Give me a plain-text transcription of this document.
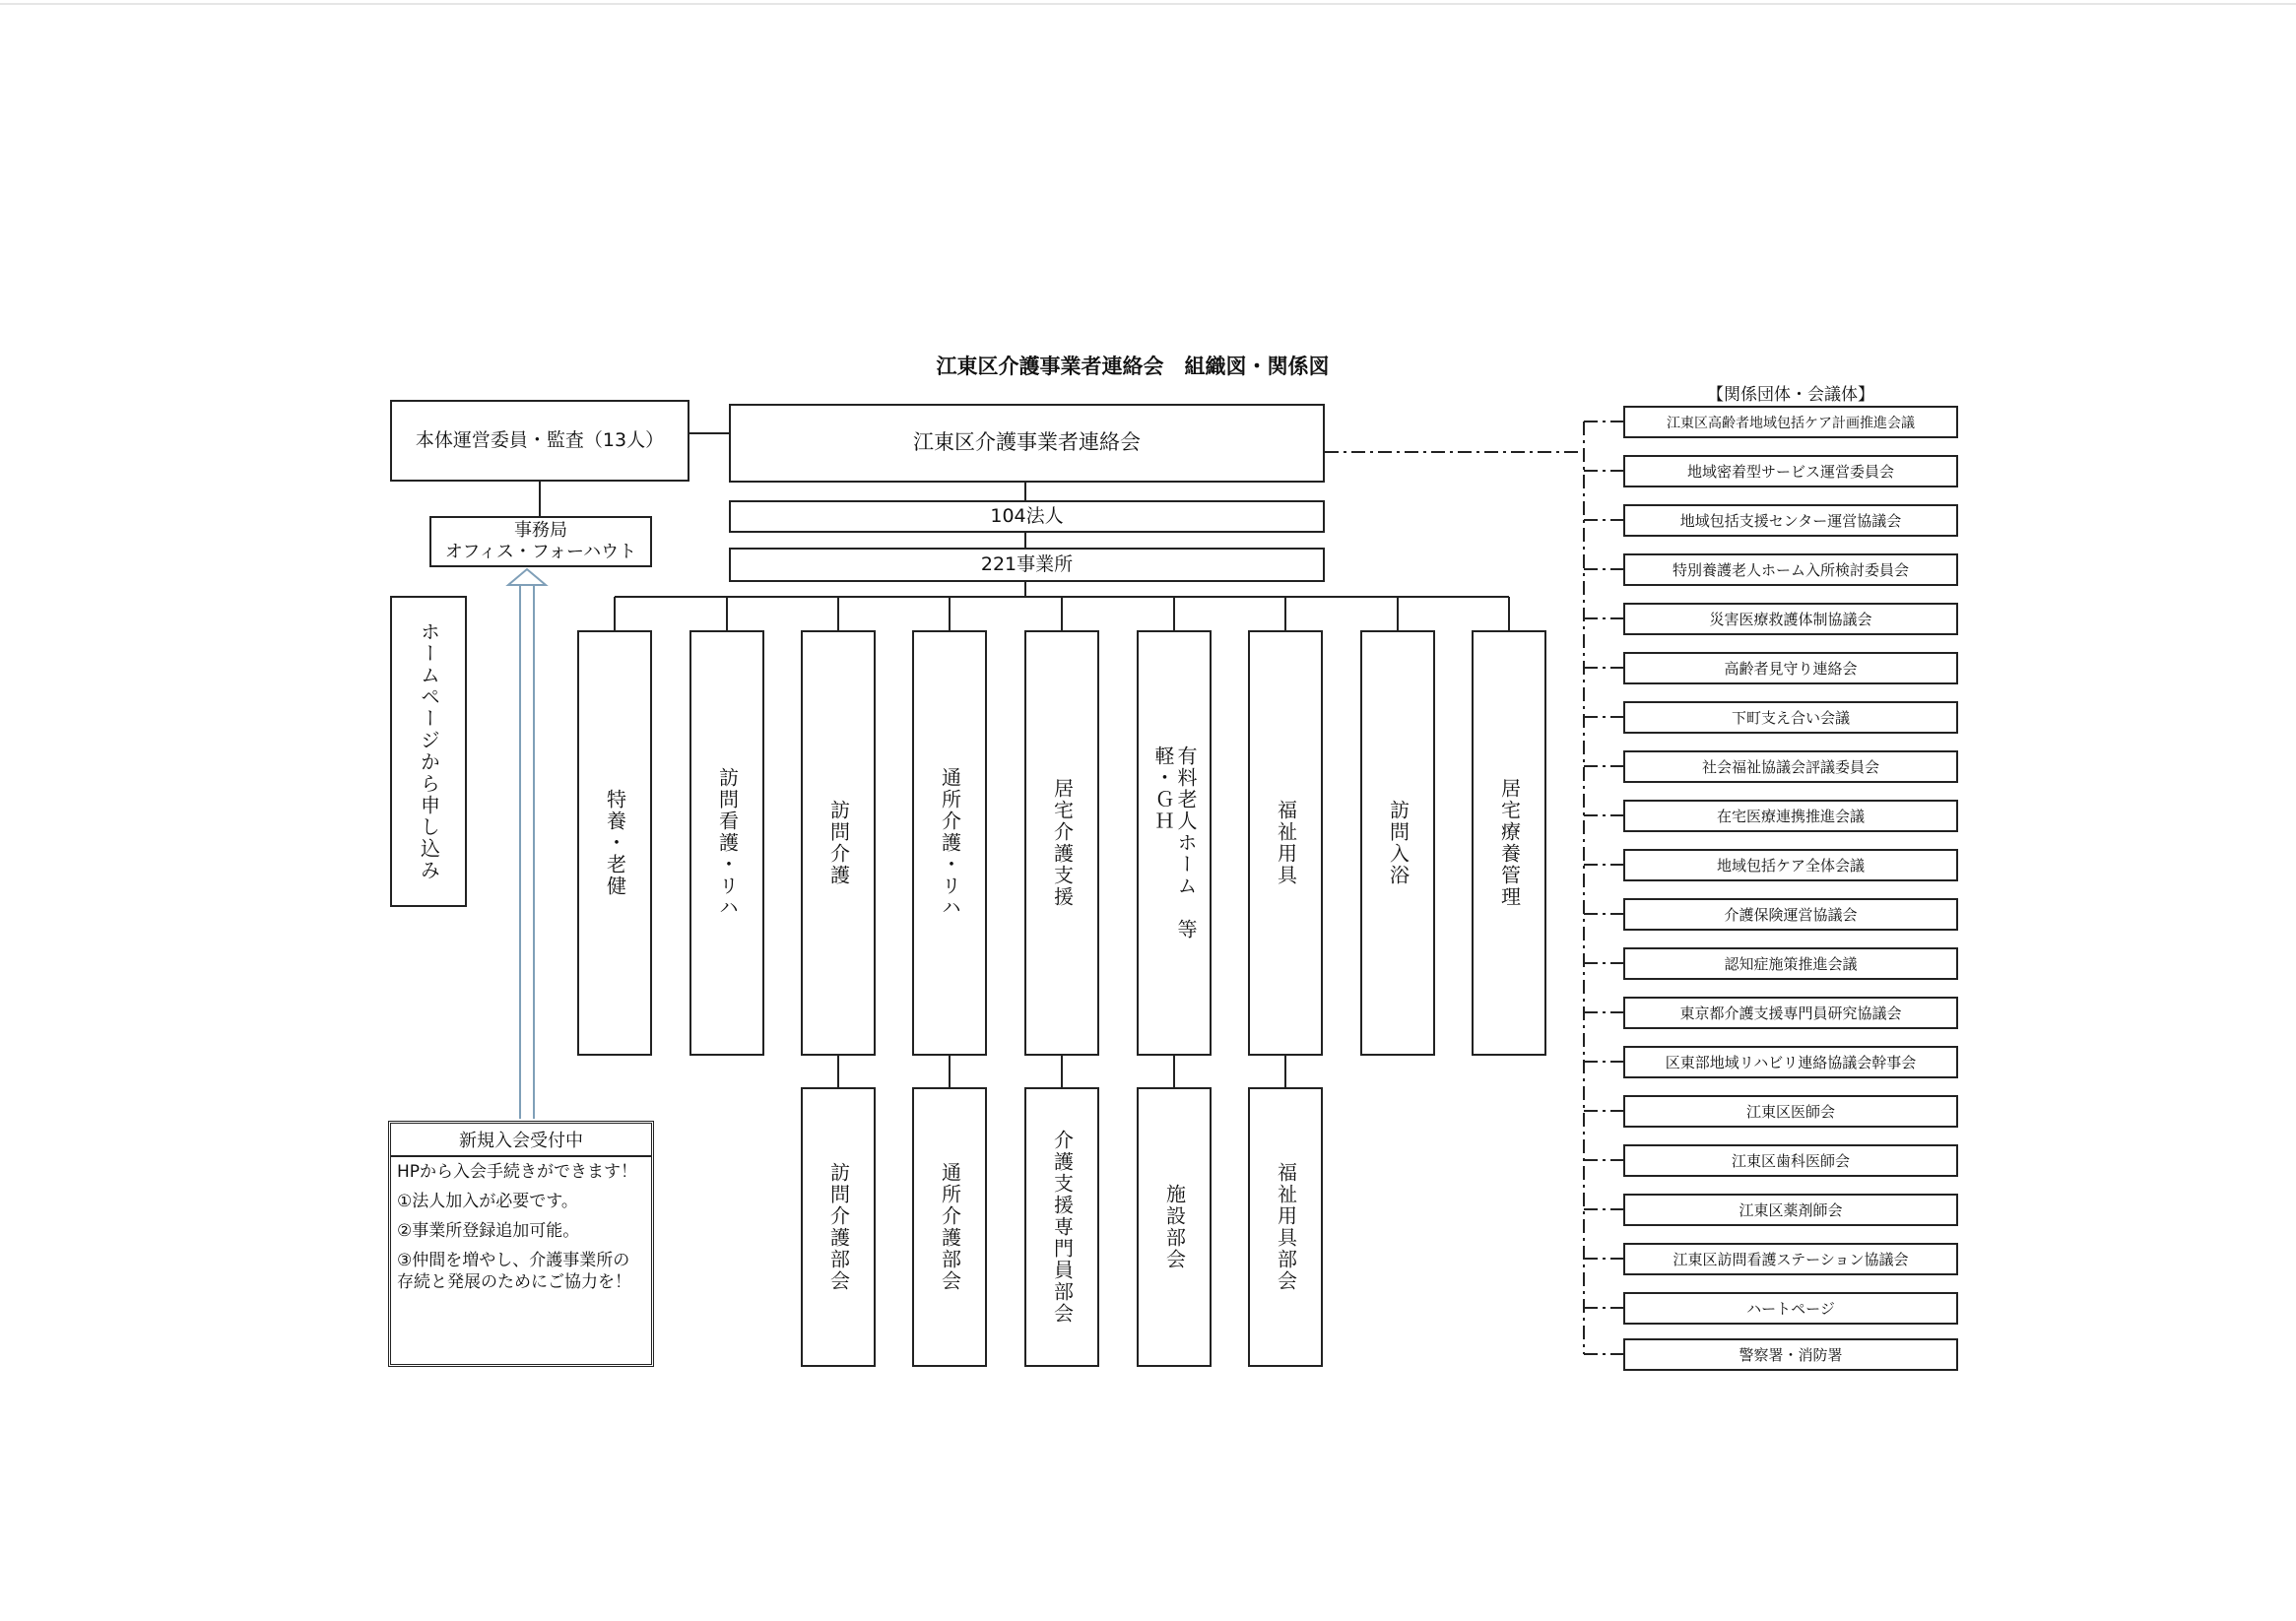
江東区介護事業者連絡会　組織図・関係図
本体運営委員・監査（13人）	江東区介護事業者連絡会
事務局
オフィス・フォーハウト
104法人
221事業所
ホームページから申し込み	特養・老健	訪問看護・リハ	訪問介護	通所介護・リハ	居宅介護支援	有料老人ホーム　等
軽・ＧＨ
福祉用具	訪問入浴	居宅療養管理
訪問介護部会	通所介護部会	介護支援専門員部会	施設部会	福祉用具部会
新規入会受付中

HPから入会手続きができます！

①法人加入が必要です。

②事業所登録追加可能。

③仲間を増やし、介護事業所の存続と発展のためにご協力を！

【関係団体・会議体】
江東区高齢者地域包括ケア計画推進会議
地域密着型サービス運営委員会
地域包括支援センター運営協議会
特別養護老人ホーム入所検討委員会
災害医療救護体制協議会
高齢者見守り連絡会
下町支え合い会議
社会福祉協議会評議委員会
在宅医療連携推進会議
地域包括ケア全体会議
介護保険運営協議会
認知症施策推進会議
東京都介護支援専門員研究協議会
区東部地域リハビリ連絡協議会幹事会
江東区医師会
江東区歯科医師会
江東区薬剤師会
江東区訪問看護ステーション協議会
ハートページ
警察署・消防署
